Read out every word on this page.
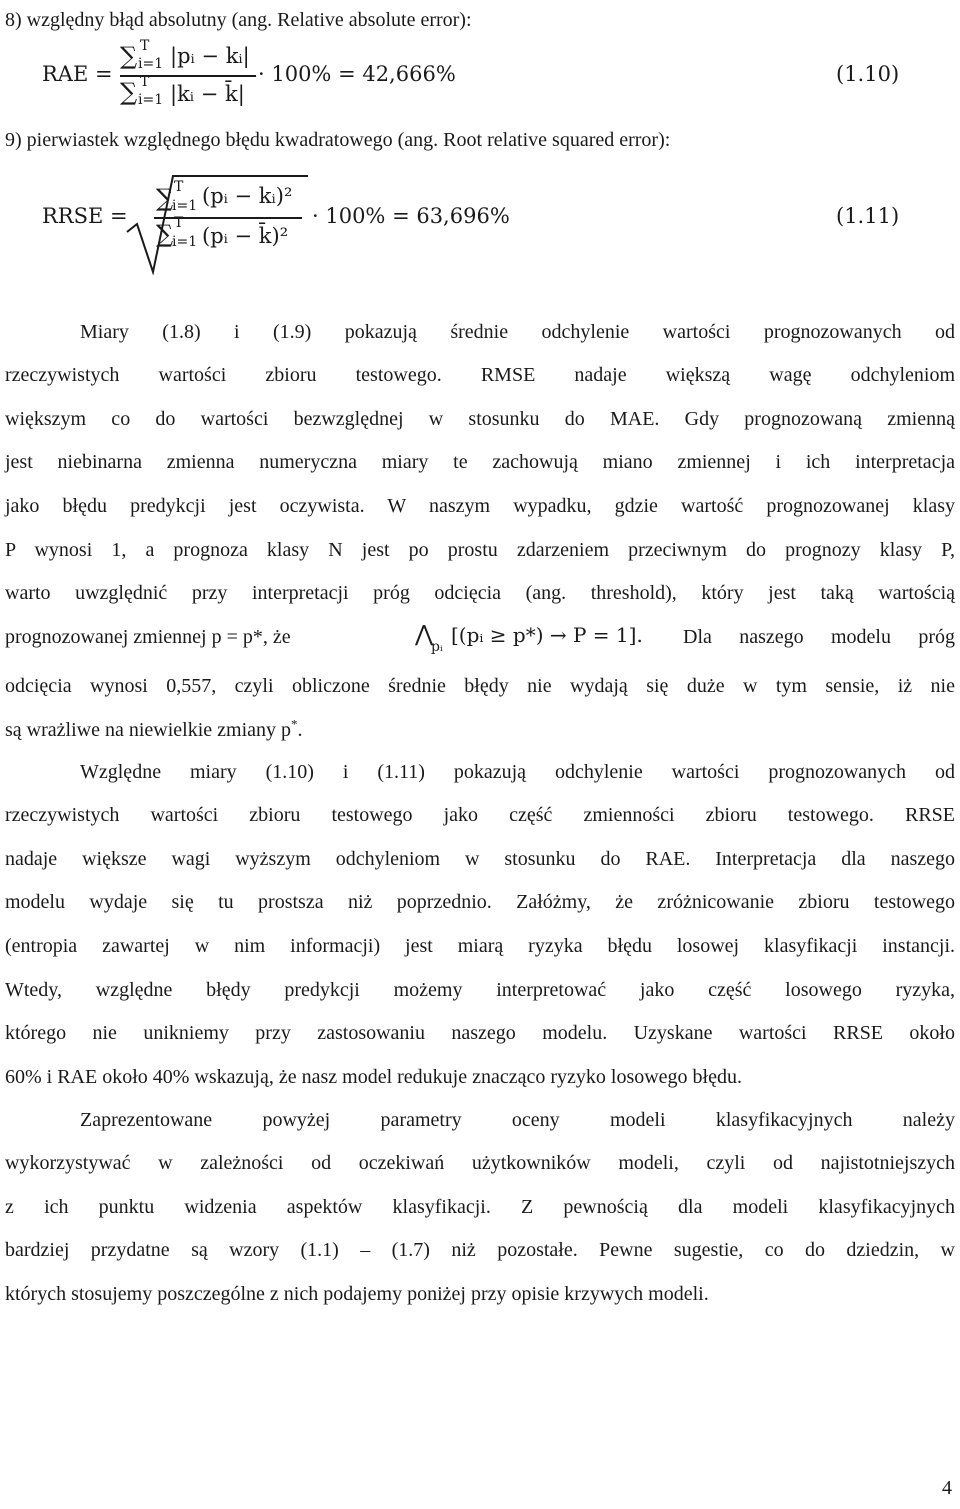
8) względny błąd absolutny (ang. Relative absolute error):
RAE =
∑ T
i=1 |pᵢ − kᵢ|
∑ T
i=1 |kᵢ − k̄|
· 100% = 42,666%	(1.10)
9) pierwiastek względnego błędu kwadratowego (ang. Root relative squared error):
RRSE =
∑ T
i=1 (pᵢ − kᵢ)²
∑ T
i=1 (pᵢ − k̄)²
· 100% = 63,696%	(1.11)
Miary (1.8) i (1.9) pokazują średnie odchylenie wartości prognozowanych od
rzeczywistych wartości zbioru testowego. RMSE nadaje większą wagę odchyleniom
większym co do wartości bezwzględnej w stosunku do MAE. Gdy prognozowaną zmienną
jest niebinarna zmienna numeryczna miary te zachowują miano zmiennej i ich interpretacja
jako błędu predykcji jest oczywista. W naszym wypadku, gdzie wartość prognozowanej klasy
P wynosi 1, a prognoza klasy N jest po prostu zdarzeniem przeciwnym do prognozy klasy P,
warto uwzględnić przy interpretacji próg odcięcia (ang. threshold), który jest taką wartością
prognozowanej zmiennej p = p*, że	⋀
pᵢ [(pᵢ ≥ p*) → P = 1]. Dla naszego modelu próg
odcięcia wynosi 0,557, czyli obliczone średnie błędy nie wydają się duże w tym sensie, iż nie
są wrażliwe na niewielkie zmiany p*.
Względne miary (1.10) i (1.11) pokazują odchylenie wartości prognozowanych od
rzeczywistych wartości zbioru testowego jako część zmienności zbioru testowego. RRSE
nadaje większe wagi wyższym odchyleniom w stosunku do RAE. Interpretacja dla naszego
modelu wydaje się tu prostsza niż poprzednio. Załóżmy, że zróżnicowanie zbioru testowego
(entropia zawartej w nim informacji) jest miarą ryzyka błędu losowej klasyfikacji instancji.
Wtedy, względne błędy predykcji możemy interpretować jako część losowego ryzyka,
którego nie unikniemy przy zastosowaniu naszego modelu. Uzyskane wartości RRSE około
60% i RAE około 40% wskazują, że nasz model redukuje znacząco ryzyko losowego błędu.
Zaprezentowane powyżej parametry oceny modeli klasyfikacyjnych należy
wykorzystywać w zależności od oczekiwań użytkowników modeli, czyli od najistotniejszych
z ich punktu widzenia aspektów klasyfikacji. Z pewnością dla modeli klasyfikacyjnych
bardziej przydatne są wzory (1.1) – (1.7) niż pozostałe. Pewne sugestie, co do dziedzin, w
których stosujemy poszczególne z nich podajemy poniżej przy opisie krzywych modeli.
4
